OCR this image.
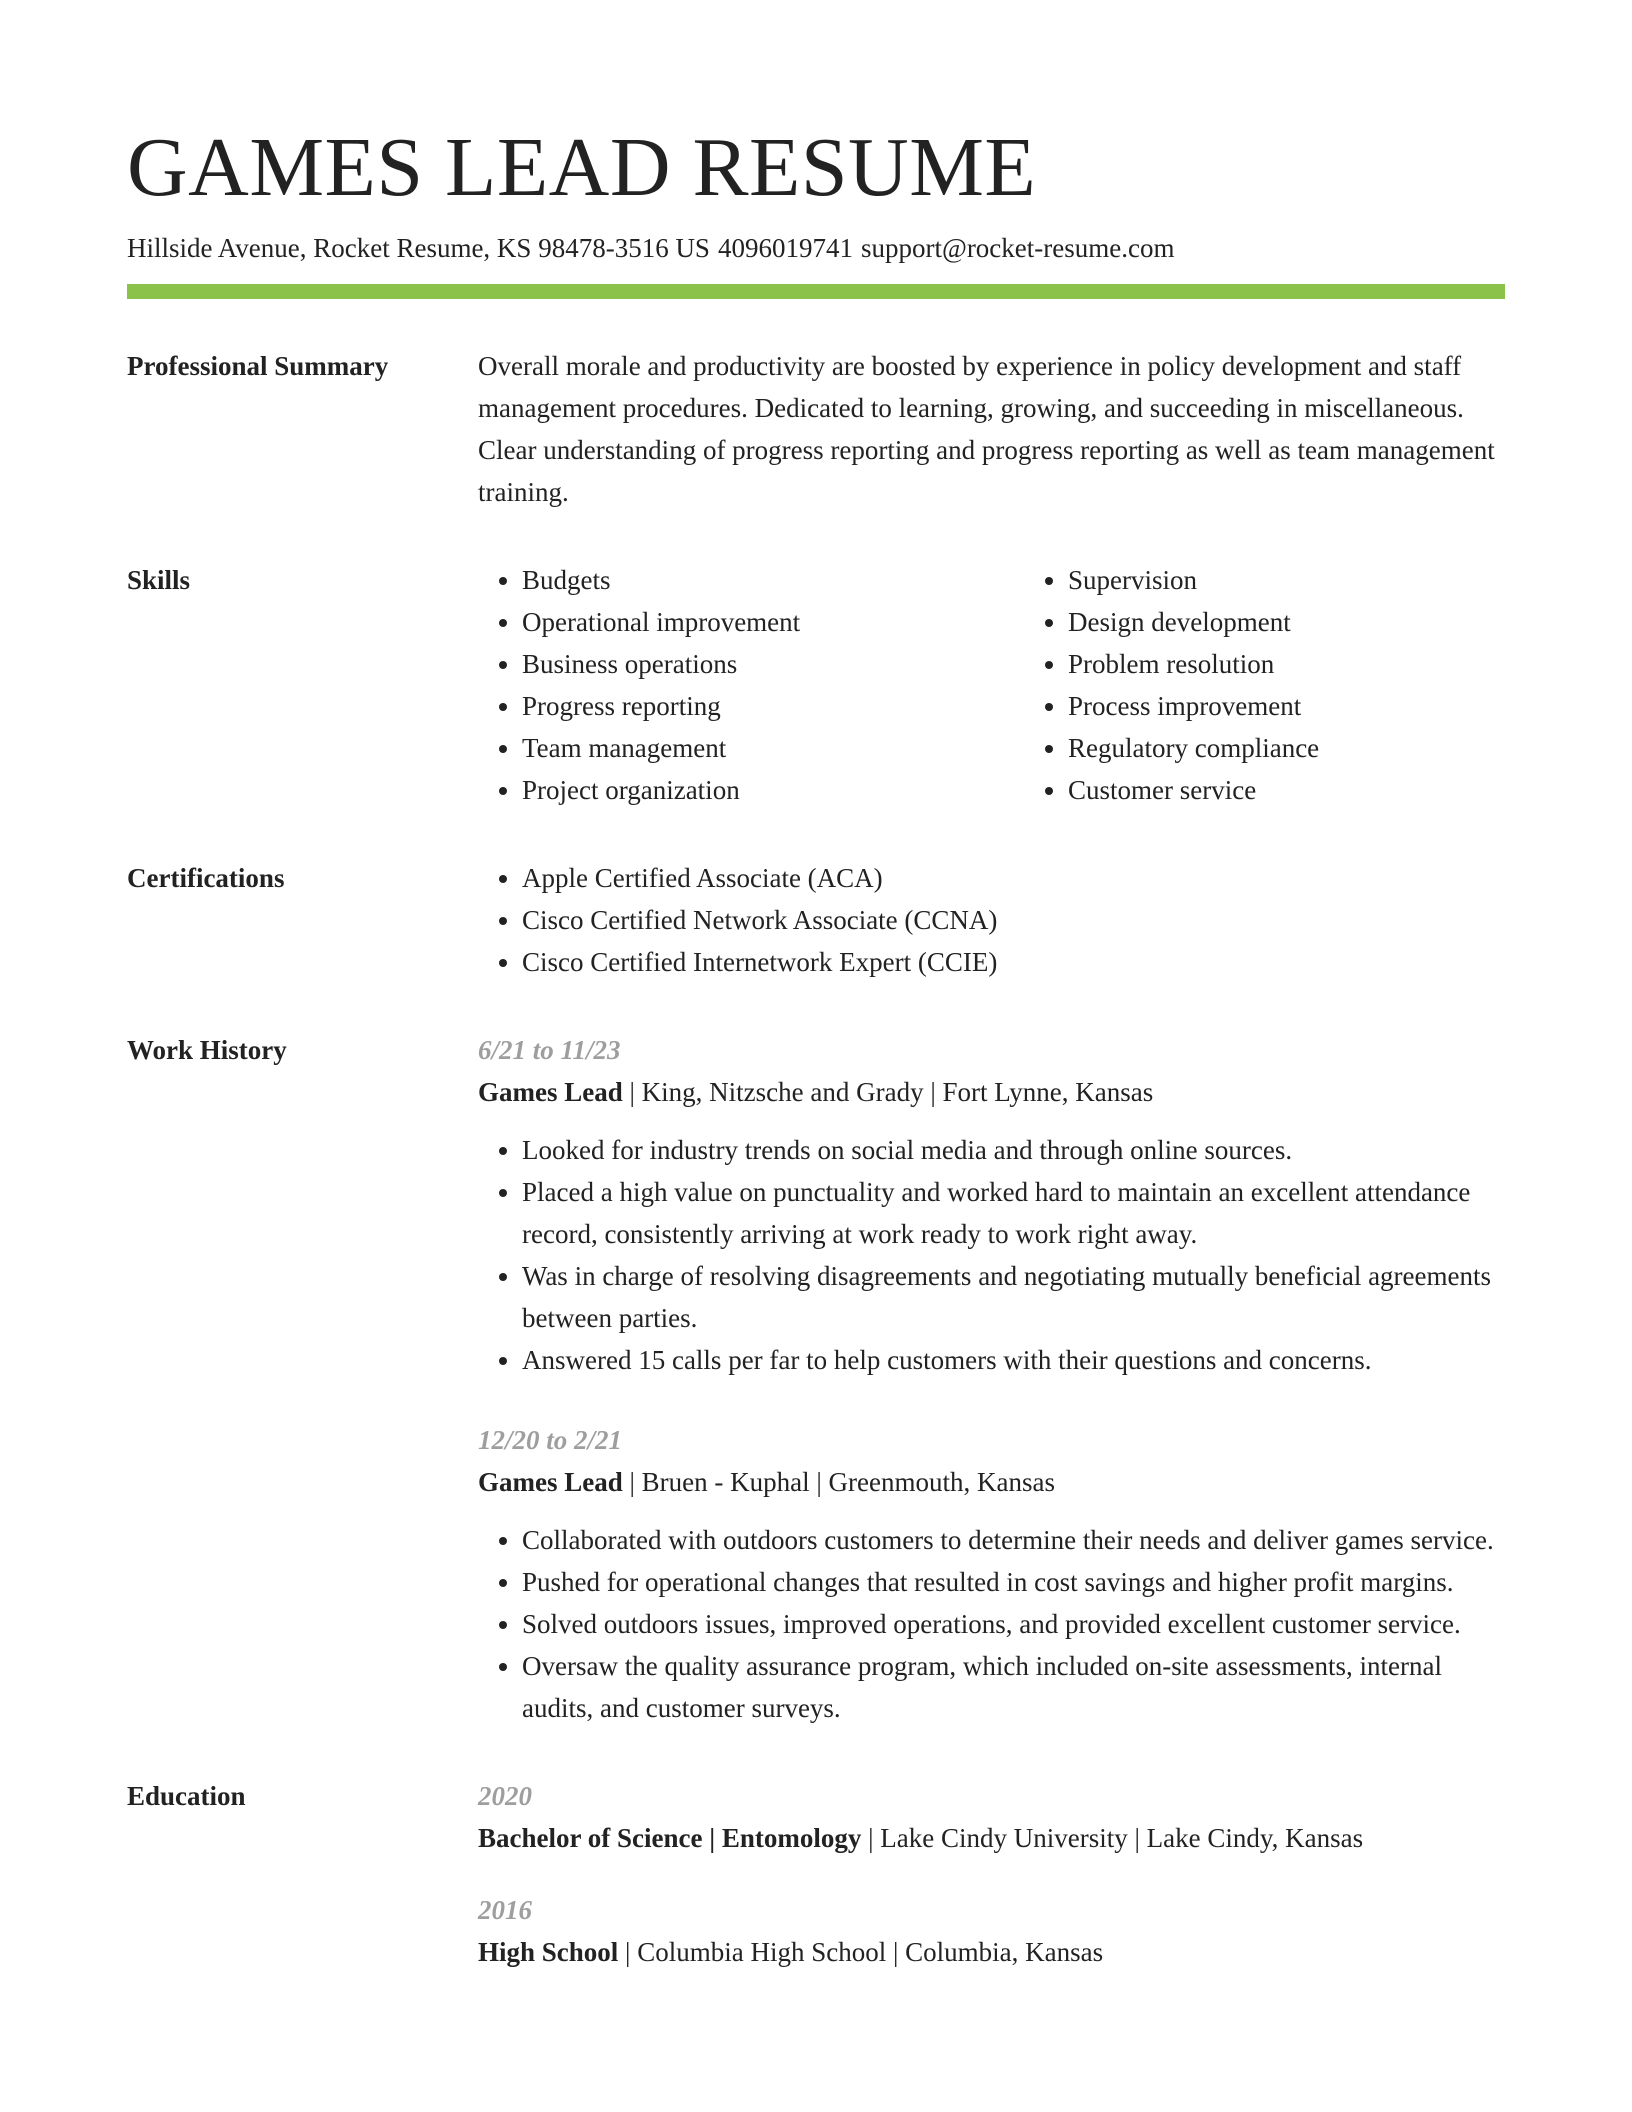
GAMES LEAD RESUME
Hillside Avenue, Rocket Resume, KS 98478-3516 US 4096019741 support@rocket-resume.com
Professional Summary	Overall morale and productivity are boosted by experience in policy development and staff management procedures. Dedicated to learning, growing, and succeeding in miscellaneous. Clear understanding of progress reporting and progress reporting as well as team management training.

Skills	• Budgets
• Operational improvement
• Business operations
• Progress reporting
• Team management
• Project organization
• Supervision
• Design development
• Problem resolution
• Process improvement
• Regulatory compliance
• Customer service
Certifications	• Apple Certified Associate (ACA)
• Cisco Certified Network Associate (CCNA)
• Cisco Certified Internetwork Expert (CCIE)
Work History	6/21 to 11/23
Games Lead | King, Nitzsche and Grady | Fort Lynne, Kansas
• Looked for industry trends on social media and through online sources.
• Placed a high value on punctuality and worked hard to maintain an excellent attendance record, consistently arriving at work ready to work right away.
• Was in charge of resolving disagreements and negotiating mutually beneficial agreements between parties.
• Answered 15 calls per far to help customers with their questions and concerns.
12/20 to 2/21
Games Lead | Bruen - Kuphal | Greenmouth, Kansas
• Collaborated with outdoors customers to determine their needs and deliver games service.
• Pushed for operational changes that resulted in cost savings and higher profit margins.
• Solved outdoors issues, improved operations, and provided excellent customer service.
• Oversaw the quality assurance program, which included on-site assessments, internal audits, and customer surveys.
Education	2020
Bachelor of Science | Entomology | Lake Cindy University | Lake Cindy, Kansas
2016
High School | Columbia High School | Columbia, Kansas
